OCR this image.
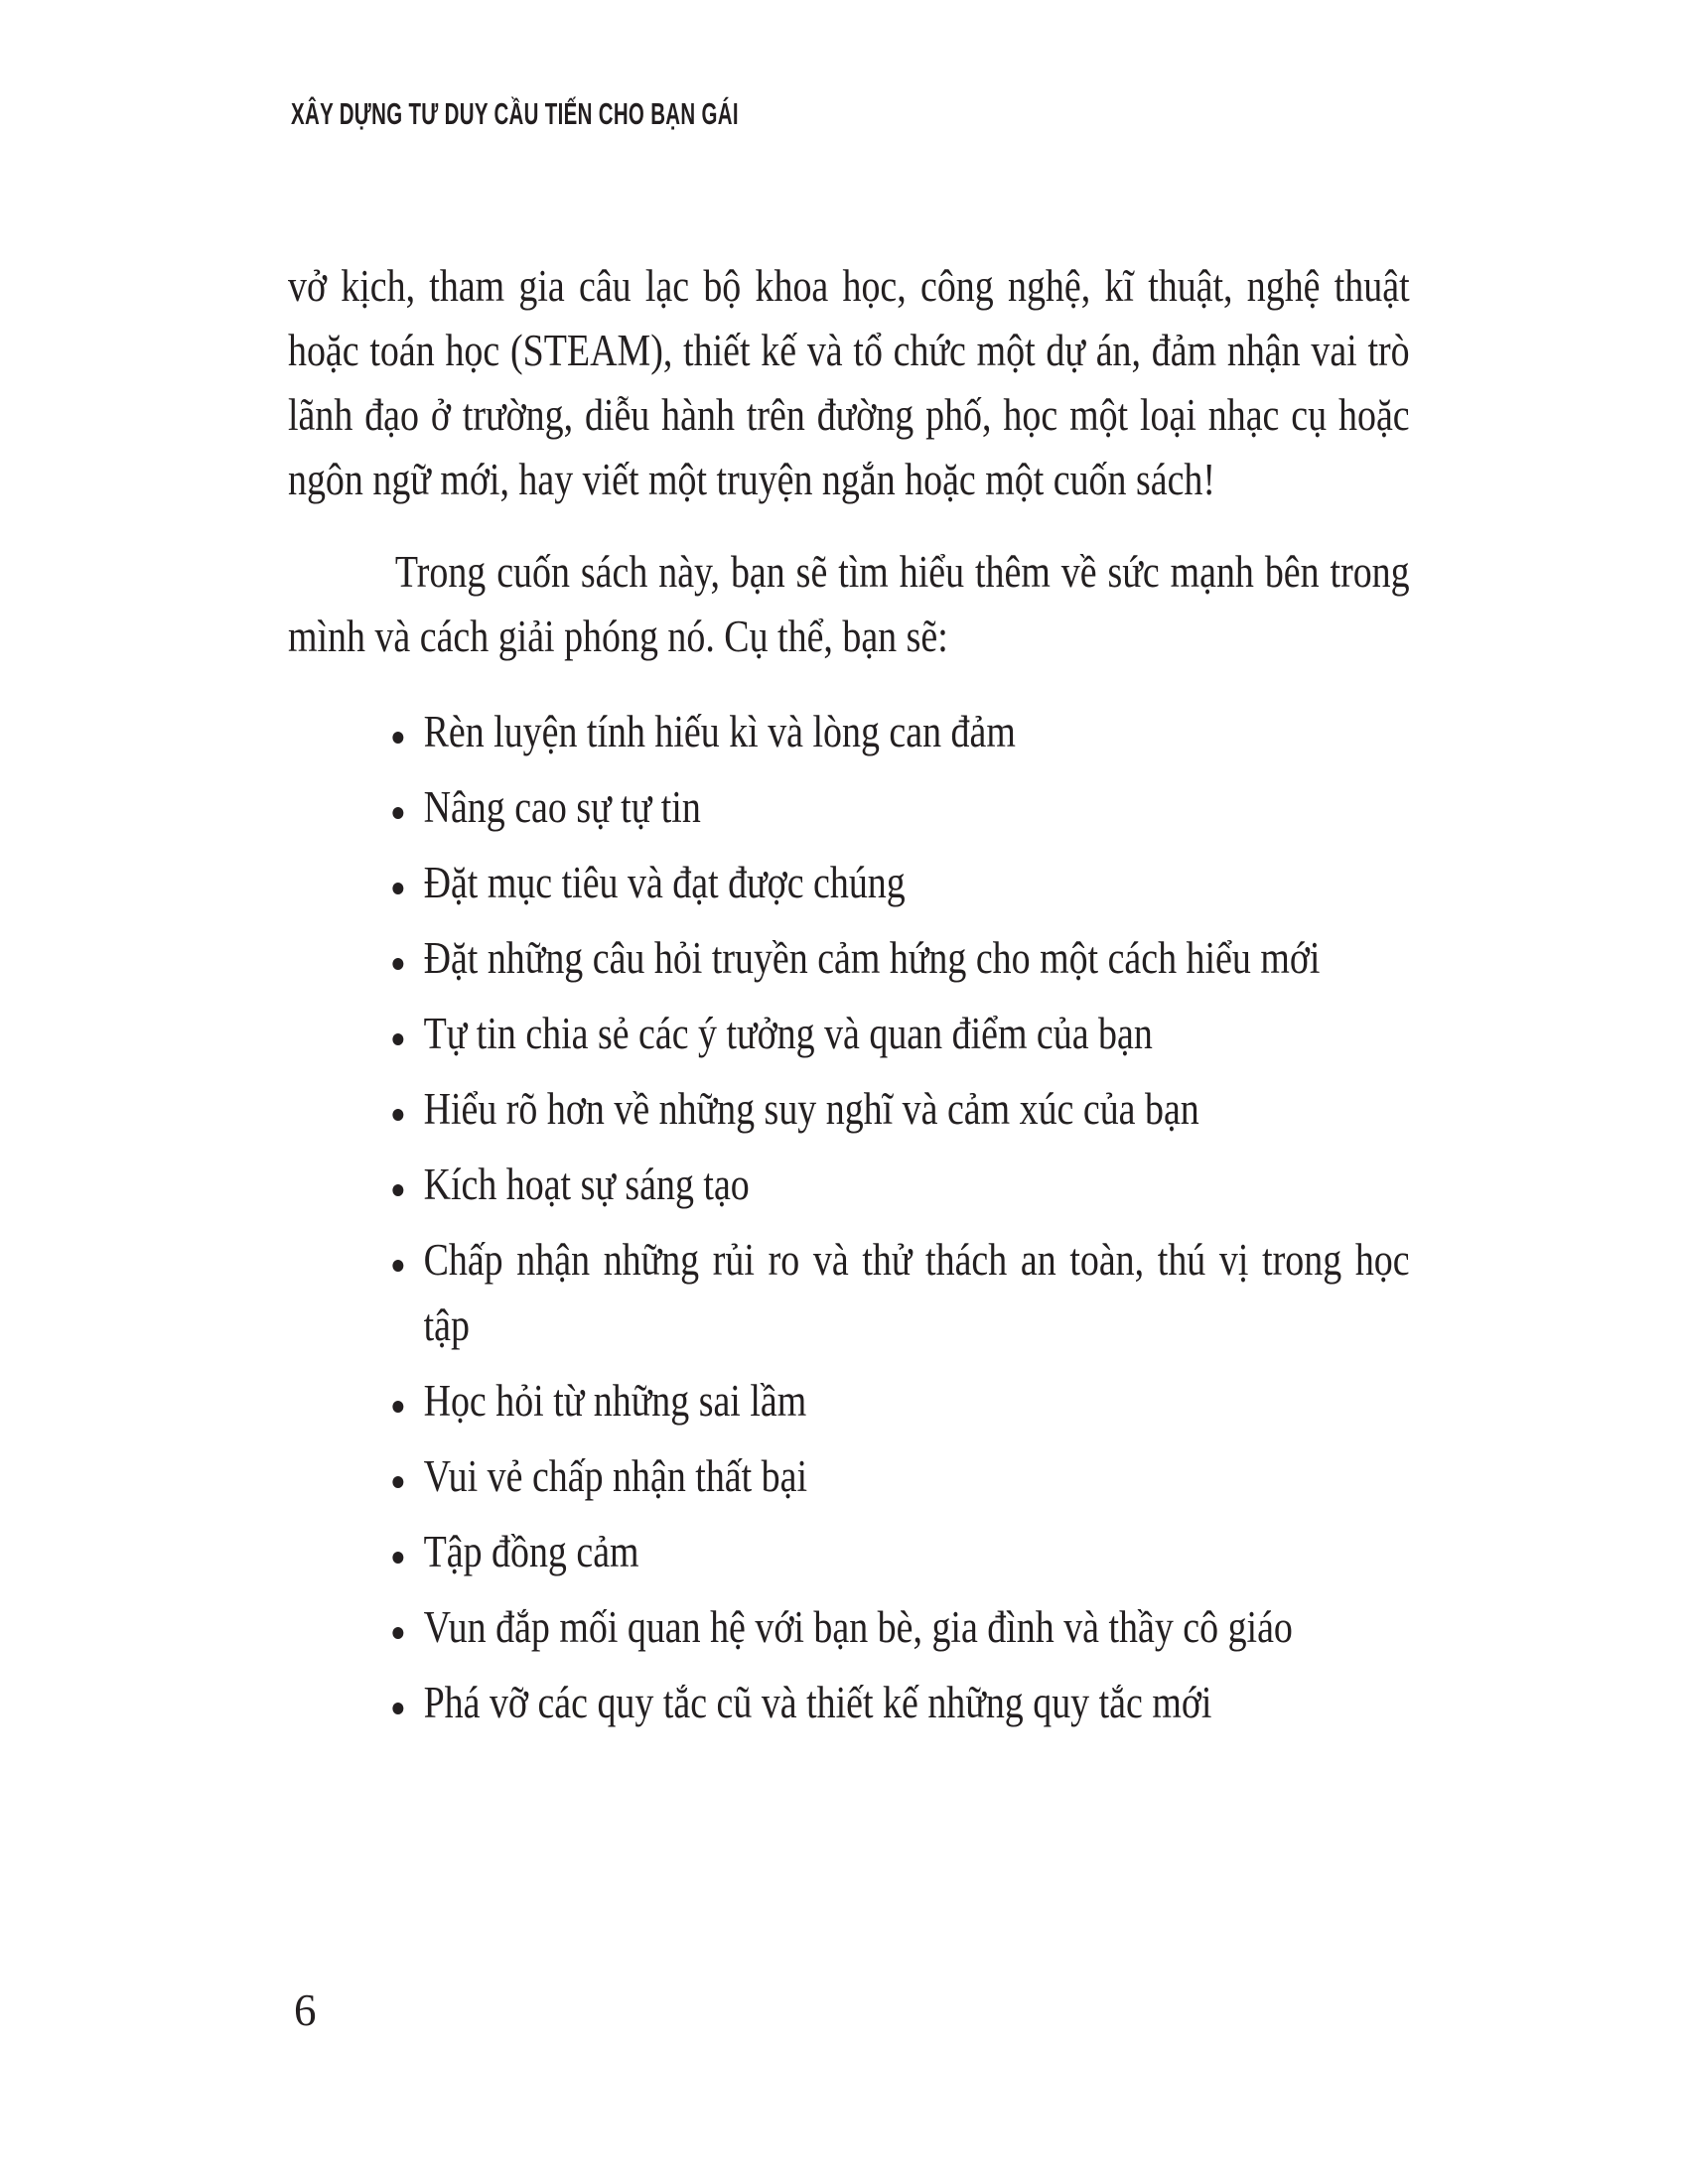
XÂY DỰNG TƯ DUY CẦU TIẾN CHO BẠN GÁI

vở kịch, tham gia câu lạc bộ khoa học, công nghệ, kĩ thuật, nghệ thuật hoặc toán học (STEAM), thiết kế và tổ chức một dự án, đảm nhận vai trò lãnh đạo ở trường, diễu hành trên đường phố, học một loại nhạc cụ hoặc ngôn ngữ mới, hay viết một truyện ngắn hoặc một cuốn sách!

Trong cuốn sách này, bạn sẽ tìm hiểu thêm về sức mạnh bên trong mình và cách giải phóng nó. Cụ thể, bạn sẽ:

Rèn luyện tính hiếu kì và lòng can đảm
Nâng cao sự tự tin
Đặt mục tiêu và đạt được chúng
Đặt những câu hỏi truyền cảm hứng cho một cách hiểu mới
Tự tin chia sẻ các ý tưởng và quan điểm của bạn
Hiểu rõ hơn về những suy nghĩ và cảm xúc của bạn
Kích hoạt sự sáng tạo
Chấp nhận những rủi ro và thử thách an toàn, thú vị trong học tập
Học hỏi từ những sai lầm
Vui vẻ chấp nhận thất bại
Tập đồng cảm
Vun đắp mối quan hệ với bạn bè, gia đình và thầy cô giáo
Phá vỡ các quy tắc cũ và thiết kế những quy tắc mới
6
